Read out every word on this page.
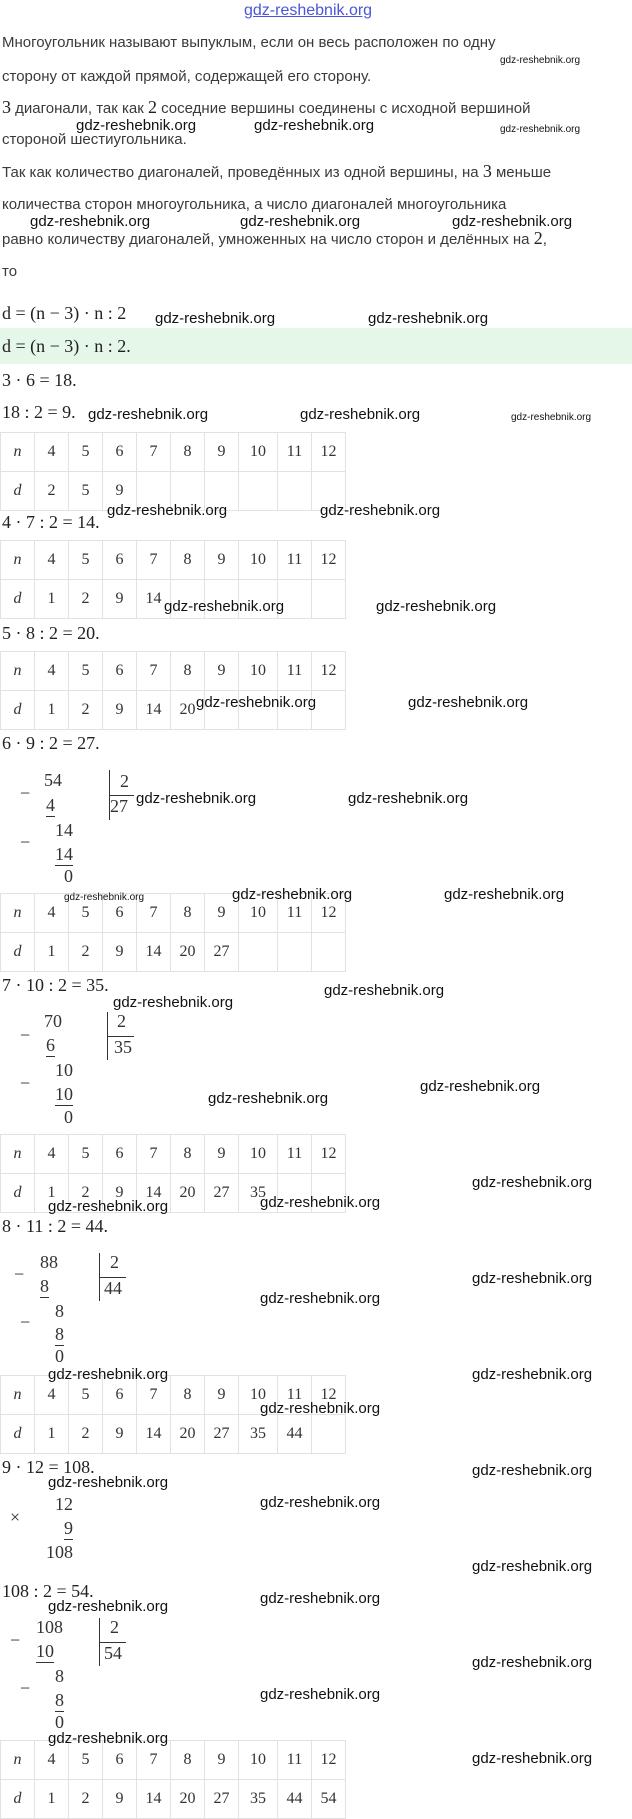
gdz-reshebnik.org
Многоугольник называют выпуклым, если он весь расположен по одну
сторону от каждой прямой, содержащей его сторону.
3 диагонали, так как 2 соседние вершины соединены с исходной вершиной
стороной шестиугольника.
Так как количество диагоналей, проведённых из одной вершины, на 3 меньше
количества сторон многоугольника, а число диагоналей многоугольника
равно количеству диагоналей, умноженных на число сторон и делённых на 2,
то
d = (n − 3) · n : 2
d = (n − 3) · n : 2.
3 · 6 = 18.
18 : 2 = 9.
n	4	5	6	7	8	9	10	11	12
d	2	5	9						
4 · 7 : 2 = 14.
n	4	5	6	7	8	9	10	11	12
d	1	2	9	14					
5 · 8 : 2 = 20.
n	4	5	6	7	8	9	10	11	12
d	1	2	9	14	20				
6 · 9 : 2 = 27.
−
54
4
2
27
−
14
14
0
n	4	5	6	7	8	9	10	11	12
d	1	2	9	14	20	27			
7 · 10 : 2 = 35.
−
70
6
2
35
−
10
10
0
n	4	5	6	7	8	9	10	11	12
d	1	2	9	14	20	27	35		
8 · 11 : 2 = 44.
−
88
8
2
44
−
8
8
0
n	4	5	6	7	8	9	10	11	12
d	1	2	9	14	20	27	35	44	
9 · 12 = 108.
×
12
9
108
108 : 2 = 54.
−
108
10
2
54
−
8
8
0
n	4	5	6	7	8	9	10	11	12
d	1	2	9	14	20	27	35	44	54
gdz-reshebnik.org
gdz-reshebnik.org	gdz-reshebnik.org	gdz-reshebnik.org
gdz-reshebnik.org	gdz-reshebnik.org	gdz-reshebnik.org
gdz-reshebnik.org	gdz-reshebnik.org
gdz-reshebnik.org	gdz-reshebnik.org	gdz-reshebnik.org
gdz-reshebnik.org	gdz-reshebnik.org
gdz-reshebnik.org	gdz-reshebnik.org
gdz-reshebnik.org	gdz-reshebnik.org
gdz-reshebnik.org	gdz-reshebnik.org
gdz-reshebnik.org	gdz-reshebnik.org	gdz-reshebnik.org
gdz-reshebnik.org
gdz-reshebnik.org
gdz-reshebnik.org
gdz-reshebnik.org
gdz-reshebnik.org
gdz-reshebnik.org
gdz-reshebnik.org
gdz-reshebnik.org
gdz-reshebnik.org
gdz-reshebnik.org
gdz-reshebnik.org
gdz-reshebnik.org
gdz-reshebnik.org
gdz-reshebnik.org
gdz-reshebnik.org
gdz-reshebnik.org
gdz-reshebnik.org
gdz-reshebnik.org
gdz-reshebnik.org
gdz-reshebnik.org
gdz-reshebnik.org
gdz-reshebnik.org
